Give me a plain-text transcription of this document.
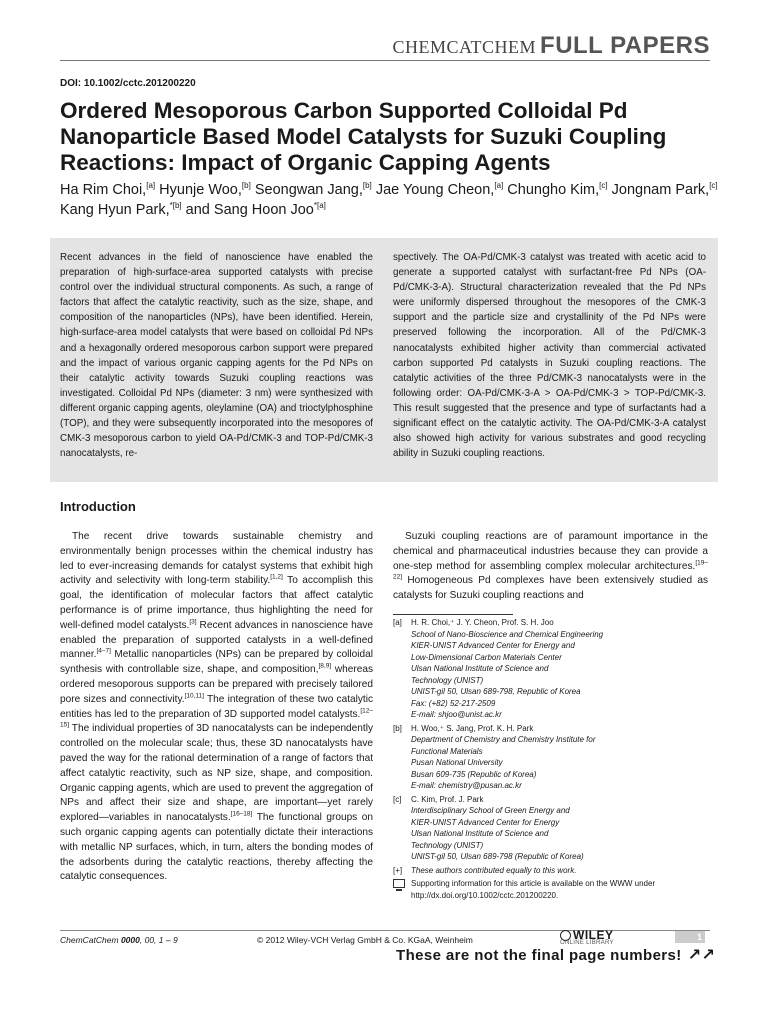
CHEMCATCHEM FULL PAPERS
DOI: 10.1002/cctc.201200220
Ordered Mesoporous Carbon Supported Colloidal Pd Nanoparticle Based Model Catalysts for Suzuki Coupling Reactions: Impact of Organic Capping Agents
Ha Rim Choi,[a] Hyunje Woo,[b] Seongwan Jang,[b] Jae Young Cheon,[a] Chungho Kim,[c] Jongnam Park,[c] Kang Hyun Park,$^{*[b]}$ and Sang Hoon Joo$^{*[a]}$
Recent advances in the field of nanoscience have enabled the preparation of high-surface-area supported catalysts with precise control over the individual structural components. As such, a range of factors that affect the catalytic reactivity, such as the size, shape, and composition of the nanoparticles (NPs), have been identified. Herein, high-surface-area model catalysts that were based on colloidal Pd NPs and a hexagonally ordered mesoporous carbon support were prepared and the impact of various organic capping agents for the Pd NPs on their catalytic activity towards Suzuki coupling reactions was investigated. Colloidal Pd NPs (diameter: 3 nm) were synthesized with different organic capping agents, oleylamine (OA) and trioctylphosphine (TOP), and they were subsequently incorporated into the mesopores of CMK-3 mesoporous carbon to yield OA-Pd/CMK-3 and TOP-Pd/CMK-3 nanocatalysts, re-
spectively. The OA-Pd/CMK-3 catalyst was treated with acetic acid to generate a supported catalyst with surfactant-free Pd NPs (OA-Pd/CMK-3-A). Structural characterization revealed that the Pd NPs were uniformly dispersed throughout the mesopores of the CMK-3 support and the particle size and crystallinity of the Pd NPs were preserved following the incorporation. All of the Pd/CMK-3 nanocatalysts exhibited higher activity than commercial activated carbon supported Pd catalysts in Suzuki coupling reactions. The catalytic activities of the three Pd/CMK-3 nanocatalysts were in the following order: OA-Pd/CMK-3-A > OA-Pd/CMK-3 > TOP-Pd/CMK-3. This result suggested that the presence and type of surfactants had a significant effect on the catalytic activity. The OA-Pd/CMK-3-A catalyst also showed high activity for various substrates and good recycling ability in Suzuki coupling reactions.
Introduction

The recent drive towards sustainable chemistry and environmentally benign processes within the chemical industry has led to ever-increasing demands for catalyst systems that exhibit high activity and selectivity with long-term stability.[1,2] To accomplish this goal, the identification of molecular factors that affect catalytic performance is of prime importance, thus highlighting the need for well-defined model catalysts.[3] Recent advances in nanoscience have enabled the preparation of supported catalysts in a well-defined manner.[4–7] Metallic nanoparticles (NPs) can be prepared by colloidal synthesis with controllable size, shape, and composition,[8,9] whereas ordered mesoporous supports can be prepared with precisely tailored pore sizes and connectivity.[10,11] The integration of these two catalytic entities has led to the preparation of 3D supported model catalysts.[12–15] The individual properties of 3D nanocatalysts can be independently controlled on the molecular scale; thus, these 3D nanocatalysts have paved the way for the rational determination of a range of factors that affect catalytic reactivity, such as NP size, shape, and composition. Organic capping agents, which are used to prevent the aggregation of NPs and affect their size and shape, are important—yet rarely explored—variables in nanocatalysts.[16–18] The functional groups on such organic capping agents can potentially dictate their interactions with metallic NP surfaces, which, in turn, alters the bonding modes of the adsorbents during the catalytic reactions, thereby affecting the catalytic consequences.

Suzuki coupling reactions are of paramount importance in the chemical and pharmaceutical industries because they can provide a one-step method for assembling complex molecular architectures.[19–22] Homogeneous Pd complexes have been extensively studied as catalysts for Suzuki coupling reactions and

[a] H. R. Choi,⁺ J. Y. Cheon, Prof. S. H. Joo
School of Nano-Bioscience and Chemical Engineering
KIER-UNIST Advanced Center for Energy and
Low-Dimensional Carbon Materials Center
Ulsan National Institute of Science and
Technology (UNIST)
UNIST-gil 50, Ulsan 689-798, Republic of Korea
Fax: (+82) 52-217-2509
E-mail: shjoo@unist.ac.kr
[b] H. Woo,⁺ S. Jang, Prof. K. H. Park
Department of Chemistry and Chemistry Institute for
Functional Materials
Pusan National University
Busan 609-735 (Republic of Korea)
E-mail: chemistry@pusan.ac.kr
[c] C. Kim, Prof. J. Park
Interdisciplinary School of Green Energy and
KIER-UNIST Advanced Center for Energy
Ulsan National Institute of Science and
Technology (UNIST)
UNIST-gil 50, Ulsan 689-798 (Republic of Korea)
[+] These authors contributed equally to this work.
Supporting information for this article is available on the WWW under
http://dx.doi.org/10.1002/cctc.201200220.
ChemCatChem 0000, 00, 1 – 9	© 2012 Wiley-VCH Verlag GmbH & Co. KGaA, Weinheim	WILEY
ONLINE LIBRARY
1
These are not the final page numbers! ↗↗
